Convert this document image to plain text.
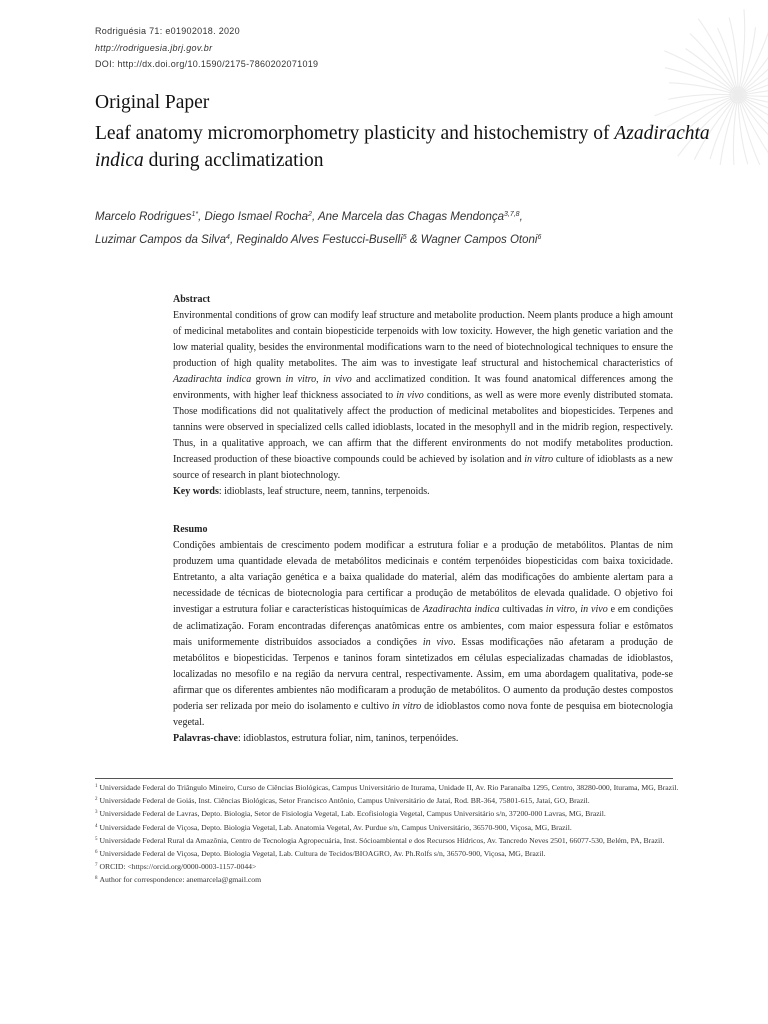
Rodriguésia 71: e01902018. 2020
http://rodriguesia.jbrj.gov.br
DOI: http://dx.doi.org/10.1590/2175-7860202071019
Original Paper
Leaf anatomy micromorphometry plasticity and histochemistry of Azadirachta indica during acclimatization
Marcelo Rodrigues$^{1*}$, Diego Ismael Rocha$^2$, Ane Marcela das Chagas Mendonça$^{3,7,8}$,
Luzimar Campos da Silva$^4$, Reginaldo Alves Festucci-Buselli$^5$ & Wagner Campos Otoni$^6$
Abstract

Environmental conditions of grow can modify leaf structure and metabolite production. Neem plants produce a high amount of medicinal metabolites and contain biopesticide terpenoids with low toxicity. However, the high genetic variation and the low material quality, besides the environmental modifications warn to the need of biotechnological techniques to ensure the production of high quality metabolites. The aim was to investigate leaf structural and histochemical characteristics of Azadirachta indica grown in vitro, in vivo and acclimatized condition. It was found anatomical differences among the environments, with higher leaf thickness associated to in vivo conditions, as well as were more evenly distributed stomata. Those modifications did not qualitatively affect the production of medicinal metabolites and biopesticides. Terpenes and tannins were observed in specialized cells called idioblasts, located in the mesophyll and in the midrib region, respectively. Thus, in a qualitative approach, we can affirm that the different environments do not modify metabolites production. Increased production of these bioactive compounds could be achieved by isolation and in vitro culture of idioblasts as a new source of research in plant biotechnology.

Key words: idioblasts, leaf structure, neem, tannins, terpenoids.

Resumo

Condições ambientais de crescimento podem modificar a estrutura foliar e a produção de metabólitos. Plantas de nim produzem uma quantidade elevada de metabólitos medicinais e contém terpenóides biopesticidas com baixa toxicidade. Entretanto, a alta variação genética e a baixa qualidade do material, além das modificações do ambiente alertam para a necessidade de técnicas de biotecnologia para certificar a produção de metabólitos de elevada qualidade. O objetivo foi investigar a estrutura foliar e características histoquímicas de Azadirachta indica cultivadas in vitro, in vivo e em condições de aclimatização. Foram encontradas diferenças anatômicas entre os ambientes, com maior espessura foliar e estômatos mais uniformemente distribuídos associados a condições in vivo. Essas modificações não afetaram a produção de metabólitos e biopesticidas. Terpenos e taninos foram sintetizados em células especializadas chamadas de idioblastos, localizadas no mesofilo e na região da nervura central, respectivamente. Assim, em uma abordagem qualitativa, pode-se afirmar que os diferentes ambientes não modificaram a produção de metabólitos. O aumento da produção destes compostos poderia ser relizada por meio do isolamento e cultivo in vitro de idioblastos como nova fonte de pesquisa em biotecnologia vegetal.

Palavras-chave: idioblastos, estrutura foliar, nim, taninos, terpenóides.

$^1$ Universidade Federal do Triângulo Mineiro, Curso de Ciências Biológicas, Campus Universitário de Iturama, Unidade II, Av. Rio Paranaíba 1295, Centro, 38280-000, Iturama, MG, Brazil.

$^2$ Universidade Federal de Goiás, Inst. Ciências Biológicas, Setor Francisco Antônio, Campus Universitário de Jataí, Rod. BR-364, 75801-615, Jataí, GO, Brazil.

$^3$ Universidade Federal de Lavras, Depto. Biologia, Setor de Fisiologia Vegetal, Lab. Ecofisiologia Vegetal, Campus Universitário s/n, 37200-000 Lavras, MG, Brazil.

$^4$ Universidade Federal de Viçosa, Depto. Biologia Vegetal, Lab. Anatomia Vegetal, Av. Purdue s/n, Campus Universitário, 36570-900, Viçosa, MG, Brazil.

$^5$ Universidade Federal Rural da Amazônia, Centro de Tecnologia Agropecuária, Inst. Sócioambiental e dos Recursos Hídricos, Av. Tancredo Neves 2501, 66077-530, Belém, PA, Brazil.

$^6$ Universidade Federal de Viçosa, Depto. Biologia Vegetal, Lab. Cultura de Tecidos/BIOAGRO, Av. Ph.Rolfs s/n, 36570-900, Viçosa, MG, Brazil.

$^7$ ORCID: <https://orcid.org/0000-0003-1157-0044>

$^8$ Author for correspondence: anemarcela@gmail.com
